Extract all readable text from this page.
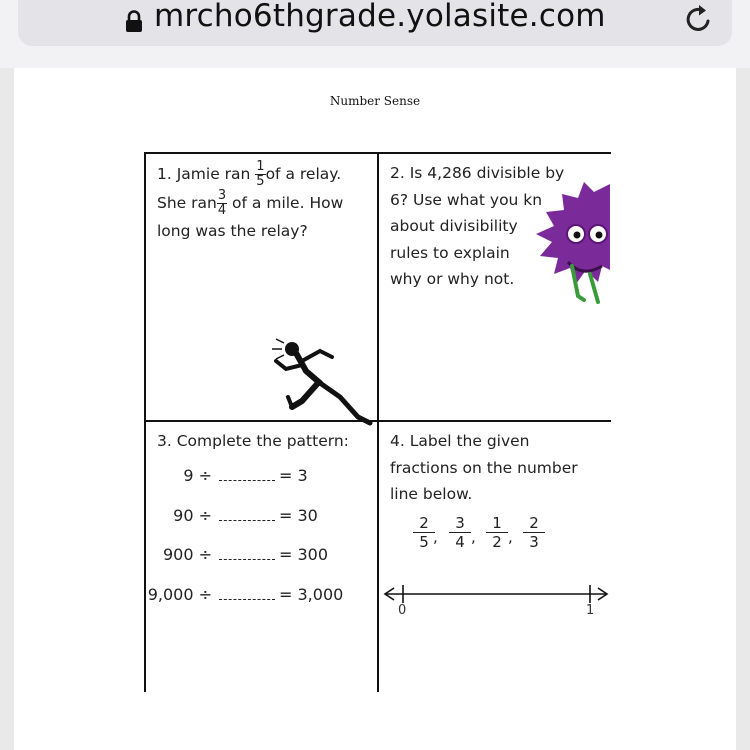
mrcho6thgrade.yolasite.com
Number Sense
1. Jamie ran $\frac{1}{5}$ of a relay.
She ran $\frac{3}{4}$ of a mile. How
long was the relay?
2. Is 4,286 divisible by
6? Use what you kn
about divisibility
rules to explain
why or why not.
3. Complete the pattern:
9 ÷	= 3
90 ÷	= 30
900 ÷	= 300
9,000 ÷	= 3,000
4. Label the given
fractions on the number
line below.
2
5 ,
3
4 ,
1
2 ,
2
3
0	1
